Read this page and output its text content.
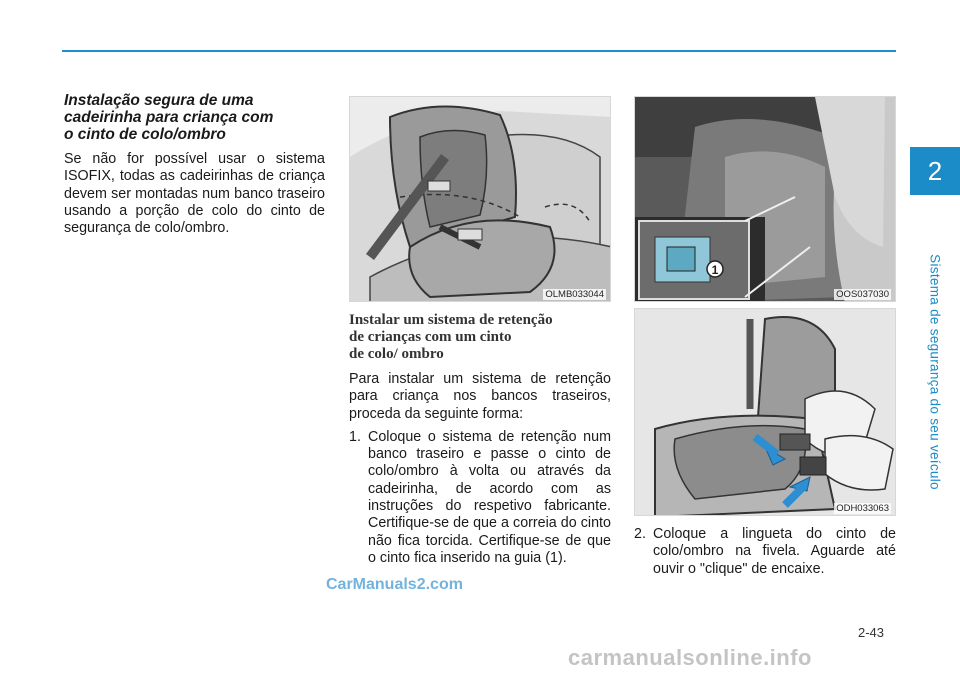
2
Sistema de segurança do seu veículo
Instalação segura de uma
cadeirinha para criança com
o cinto de colo/ombro

Se não for possível usar o sistema ISOFIX, todas as cadeirinhas de criança devem ser montadas num banco traseiro usando a porção de colo do cinto de segurança de colo/ombro.

OLMB033044
Instalar um sistema de retenção
de crianças com um cinto
de colo/ ombro

Para instalar um sistema de retenção para criança nos bancos traseiros, proceda da seguinte forma:

1. Coloque o sistema de retenção num banco traseiro e passe o cinto de colo/ombro à volta ou através da cadeirinha, de acordo com as instruções do respetivo fabricante. Certifique-se de que a correia do cinto não fica torcida. Certifique-se de que o cinto fica inserido na guia (1).
1
OOS037030
ODH033063
2. Coloque a lingueta do cinto de colo/ombro na fivela. Aguarde até ouvir o "clique" de encaixe.
2-43
CarManuals2.com
carmanualsonline.info
